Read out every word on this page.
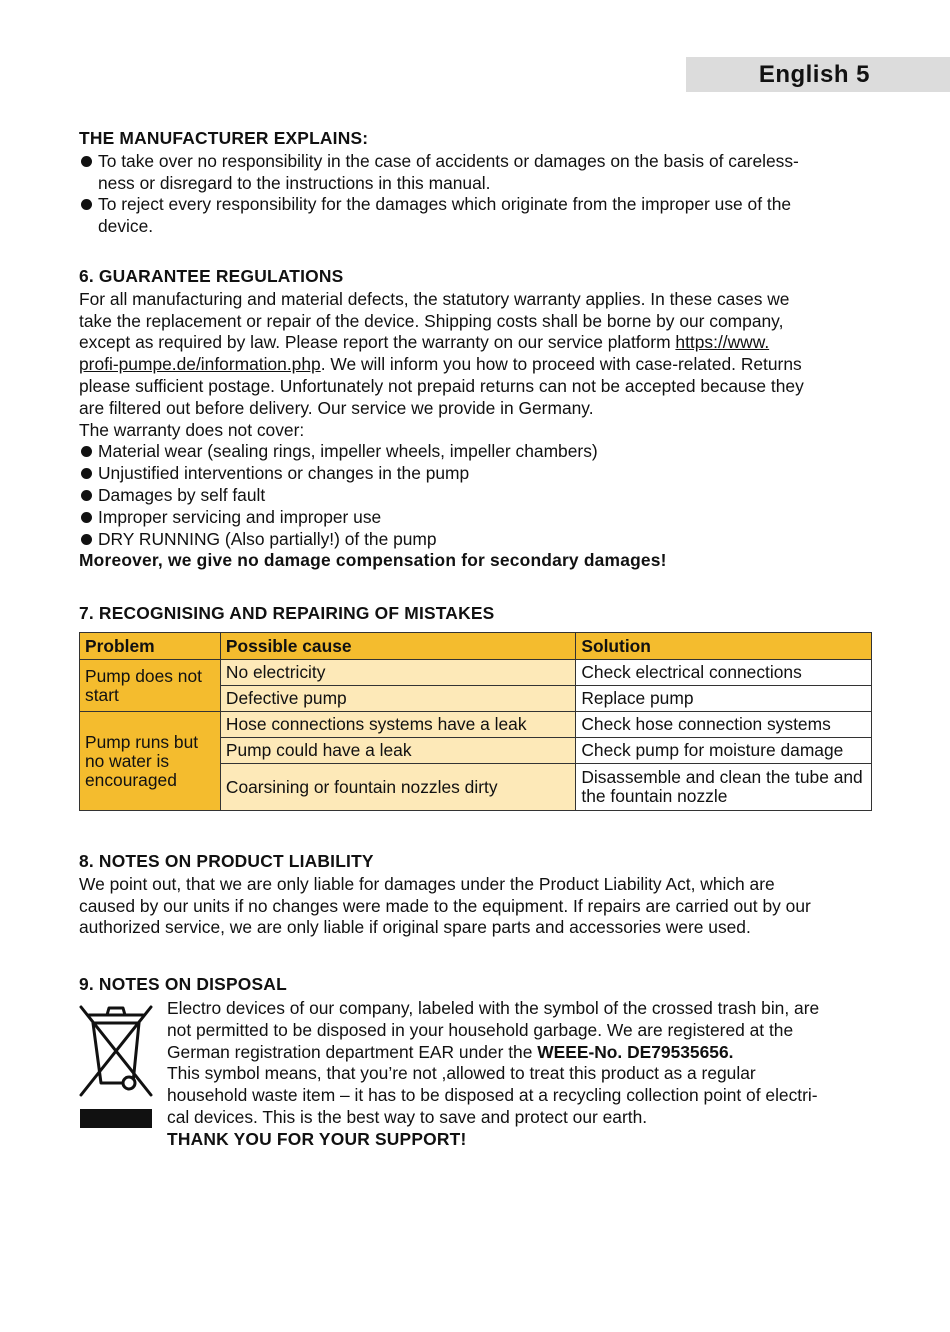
English 5
THE MANUFACTURER EXPLAINS:
To take over no responsibility in the case of accidents or damages on the basis of careless-
ness or disregard to the instructions in this manual.
To reject every responsibility for the damages which originate from the improper use of the
device.
6. GUARANTEE REGULATIONS
For all manufacturing and material defects, the statutory warranty applies. In these cases we
take the replacement or repair of the device. Shipping costs shall be borne by our company,
except as required by law. Please report the warranty on our service platform https://www.
profi-pumpe.de/information.php. We will inform you how to proceed with case-related. Returns
please sufficient postage. Unfortunately not prepaid returns can not be accepted because they
are filtered out before delivery. Our service we provide in Germany.
The warranty does not cover:
Material wear (sealing rings, impeller wheels, impeller chambers)
Unjustified interventions or changes in the pump
Damages by self fault
Improper servicing and improper use
DRY RUNNING (Also partially!) of the pump
Moreover, we give no damage compensation for secondary damages!
7. RECOGNISING AND REPAIRING OF MISTAKES
Problem	Possible cause	Solution
Pump does not start	No electricity	Check electrical connections
	Defective pump	Replace pump
Pump runs but no water is encouraged	Hose connections systems have a leak	Check hose connection systems
	Pump could have a leak	Check pump for moisture damage
	Coarsining or fountain nozzles dirty	Disassemble and clean the tube and the fountain nozzle
8. NOTES ON PRODUCT LIABILITY
We point out, that we are only liable for damages under the Product Liability Act, which are
caused by our units if no changes were made to the equipment. If repairs are carried out by our
authorized service, we are only liable if original spare parts and accessories were used.
9. NOTES ON DISPOSAL
Electro devices of our company, labeled with the symbol of the crossed trash bin, are
not permitted to be disposed in your household garbage. We are registered at the
German registration department EAR under the WEEE-No. DE79535656.
This symbol means, that you’re not ,allowed to treat this product as a regular
household waste item – it has to be disposed at a recycling collection point of electri-
cal devices. This is the best way to save and protect our earth.
THANK YOU FOR YOUR SUPPORT!
